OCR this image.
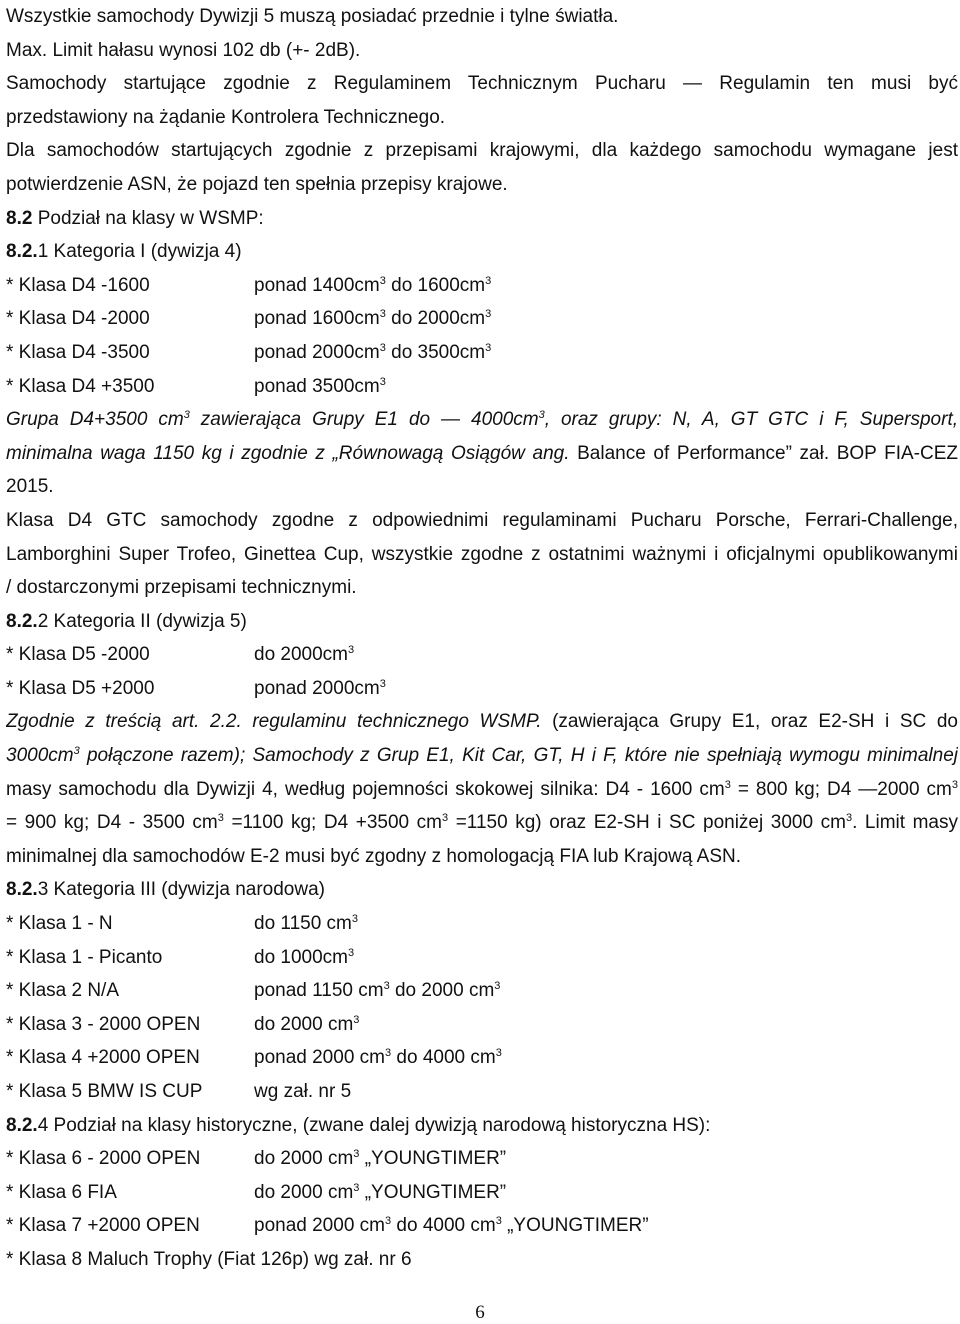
Wszystkie samochody Dywizji 5 muszą posiadać przednie i tylne światła.
Max. Limit hałasu wynosi 102 db (+- 2dB).
Samochody startujące zgodnie z Regulaminem Technicznym Pucharu — Regulamin ten musi być
przedstawiony na żądanie Kontrolera Technicznego.
Dla samochodów startujących zgodnie z przepisami krajowymi, dla każdego samochodu wymagane jest
potwierdzenie ASN, że pojazd ten spełnia przepisy krajowe.
8.2 Podział na klasy w WSMP:
8.2.1 Kategoria I (dywizja 4)
* Klasa D4 -1600	ponad $1400cm^3$ do $1600cm^3$
* Klasa D4 -2000	ponad $1600cm^3$ do $2000cm^3$
* Klasa D4 -3500	ponad $2000cm^3$ do $3500cm^3$
* Klasa D4 +3500	ponad $3500cm^3$
Grupa D4+3500 $cm^3$ zawierająca Grupy E1 do — $4000cm^3$, oraz grupy: N, A, GT GTC i F, Supersport,
minimalna waga 1150 kg i zgodnie z „Równowagą Osiągów ang. Balance of Performance” zał. BOP FIA-CEZ
2015.
Klasa D4 GTC samochody zgodne z odpowiednimi regulaminami Pucharu Porsche, Ferrari-Challenge,
Lamborghini Super Trofeo, Ginettea Cup, wszystkie zgodne z ostatnimi ważnymi i oficjalnymi opublikowanymi
/ dostarczonymi przepisami technicznymi.
8.2.2 Kategoria II (dywizja 5)
* Klasa D5 -2000	do $2000cm^3$
* Klasa D5 +2000	ponad $2000cm^3$
Zgodnie z treścią art. 2.2. regulaminu technicznego WSMP. (zawierająca Grupy E1, oraz E2-SH i SC do
$3000cm^3$ połączone razem); Samochody z Grup E1, Kit Car, GT, H i F, które nie spełniają wymogu minimalnej
masy samochodu dla Dywizji 4, według pojemności skokowej silnika: D4 - 1600 $cm^3 = 800$ kg; D4 —2000 $cm^3$
= 900 kg; D4 - 3500 $cm^3 =1100$ kg; D4 +3500 $cm^3 =1150$ kg) oraz E2-SH i SC poniżej 3000 $cm^3$. Limit masy
minimalnej dla samochodów E-2 musi być zgodny z homologacją FIA lub Krajową ASN.
8.2.3 Kategoria III (dywizja narodowa)
* Klasa 1 - N	do 1150 $cm^3$
* Klasa 1 - Picanto	do $1000cm^3$
* Klasa 2 N/A	ponad 1150 $cm^3$ do 2000 $cm^3$
* Klasa 3 - 2000 OPEN	do 2000 $cm^3$
* Klasa 4 +2000 OPEN	ponad 2000 $cm^3$ do 4000 $cm^3$
* Klasa 5 BMW IS CUP	wg zał. nr 5
8.2.4 Podział na klasy historyczne, (zwane dalej dywizją narodową historyczna HS):
* Klasa 6 - 2000 OPEN	do 2000 $cm^3$ „YOUNGTIMER”
* Klasa 6 FIA	do 2000 $cm^3$ „YOUNGTIMER”
* Klasa 7 +2000 OPEN	ponad 2000 $cm^3$ do 4000 $cm^3$ „YOUNGTIMER”
* Klasa 8 Maluch Trophy (Fiat 126p) wg zał. nr 6
6
